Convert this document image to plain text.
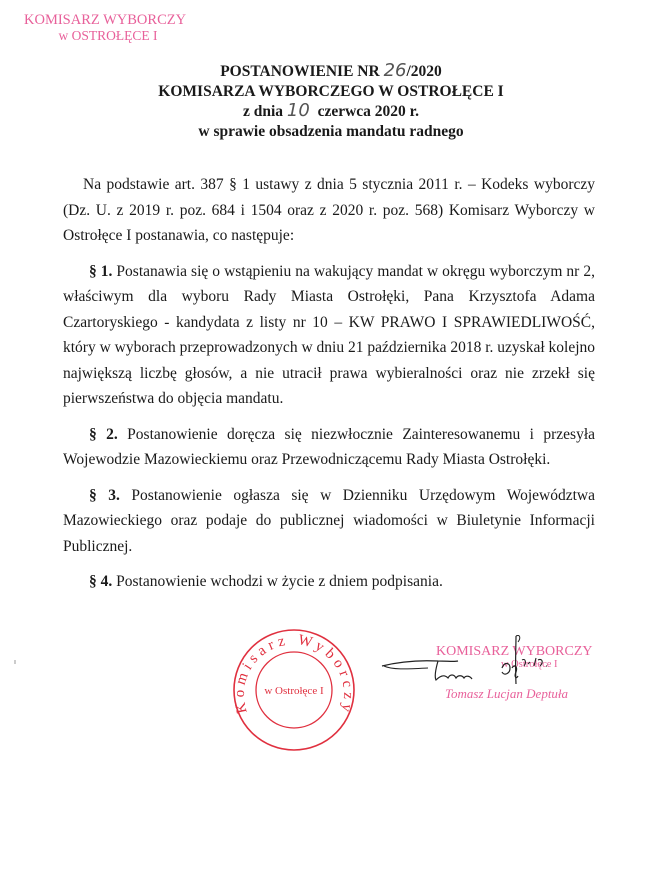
KOMISARZ WYBORCZY
w OSTROŁĘCE I
POSTANOWIENIE NR 26/2020
KOMISARZA WYBORCZEGO W OSTROŁĘCE I
z dnia 10 czerwca 2020 r.
w sprawie obsadzenia mandatu radnego

Na podstawie art. 387 § 1 ustawy z dnia 5 stycznia 2011 r. – Kodeks wyborczy (Dz. U. z 2019 r. poz. 684 i 1504 oraz z 2020 r. poz. 568) Komisarz Wyborczy w Ostrołęce I postanawia, co następuje:

§ 1. Postanawia się o wstąpieniu na wakujący mandat w okręgu wyborczym nr 2, właściwym dla wyboru Rady Miasta Ostrołęki, Pana Krzysztofa Adama Czartoryskiego - kandydata z listy nr 10 – KW PRAWO I SPRAWIEDLIWOŚĆ, który w wyborach przeprowadzonych w dniu 21 października 2018 r. uzyskał kolejno największą liczbę głosów, a nie utracił prawa wybieralności oraz nie zrzekł się pierwszeństwa do objęcia mandatu.

§ 2. Postanowienie doręcza się niezwłocznie Zainteresowanemu i przesyła Wojewodzie Mazowieckiemu oraz Przewodniczącemu Rady Miasta Ostrołęki.

§ 3. Postanowienie ogłasza się w Dzienniku Urzędowym Województwa Mazowieckiego oraz podaje do publicznej wiadomości w Biuletynie Informacji Publicznej.

§ 4. Postanowienie wchodzi w życie z dniem podpisania.

Komisarz Wyborczy
w Ostrołęce I
KOMISARZ WYBORCZY
w Ostrołęce I
Tomasz Lucjan Deptuła
